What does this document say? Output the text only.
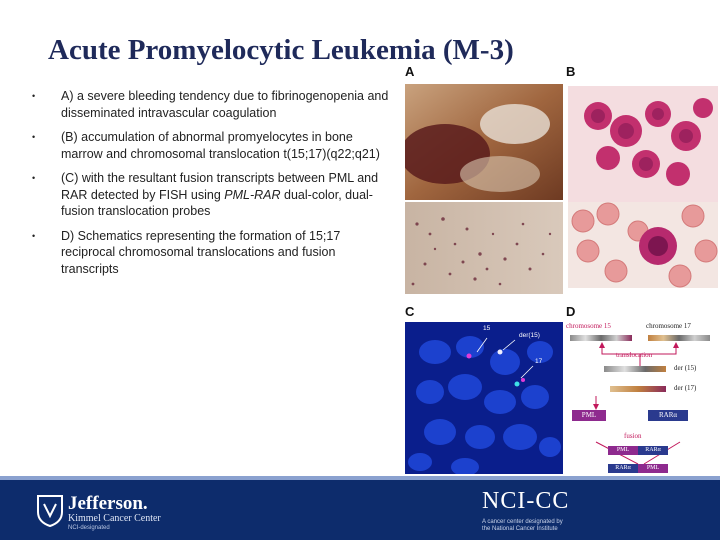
Acute Promyelocytic Leukemia (M-3)
• A) a severe bleeding tendency due to fibrinogenopenia and disseminated intravascular coagulation
• (B) accumulation of abnormal promyelocytes in bone marrow and chromosomal translocation t(15;17)(q22;q21)
• (C) with the resultant fusion transcripts between PML and RAR detected by FISH using PML-RAR dual-color, dual-fusion translocation probes
• D) Schematics representing the formation of 15;17 reciprocal chromosomal translocations and fusion transcripts
A	B
C
15
der(15)
17
D
chromosome 15	chromosome 17
translocation
der (15)
der (17)
PML	RARα
fusion
PML	RARα
RARα	PML
Jefferson.
Kimmel Cancer Center
NCI-designated
NCI-CC
A cancer center designated by the National Cancer Institute
